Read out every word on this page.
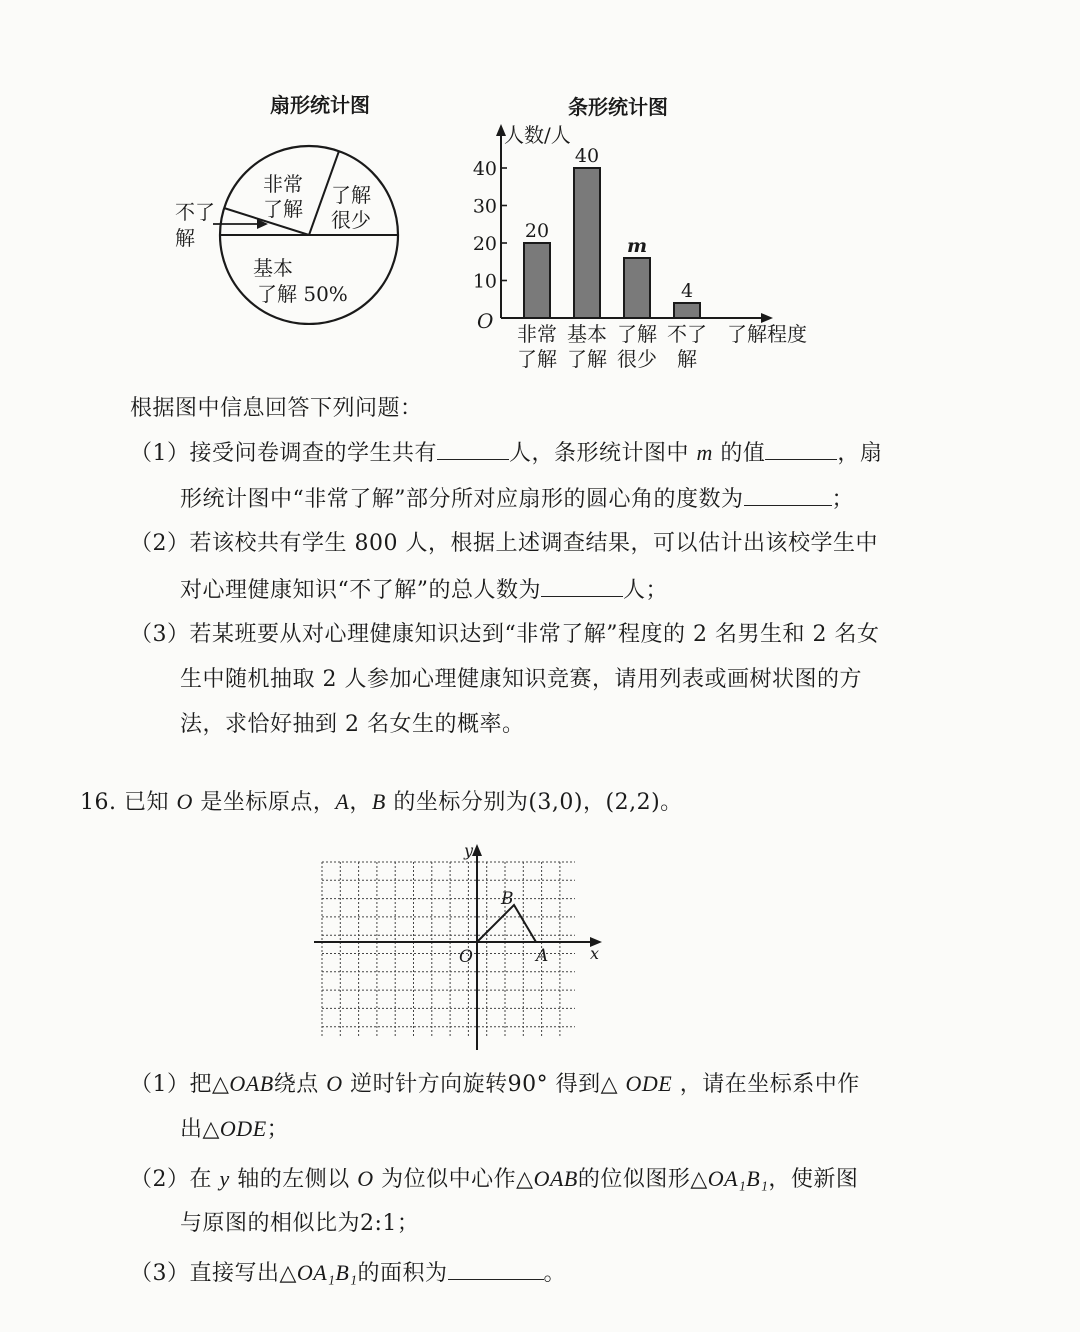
扇形统计图
非常
了解
了解
很少
不了
解
基本
了解 50%
条形统计图
人数/人
O
了解程度
10
20
30
40
20
非常
了解
40
基本
了解
m
了解
很少
4
不了
解
根据图中信息回答下列问题：
（1）接受问卷调查的学生共有	人，条形统计图中 m 的值	，扇
形统计图中“非常了解”部分所对应扇形的圆心角的度数为	；
（2）若该校共有学生 800 人，根据上述调查结果，可以估计出该校学生中
对心理健康知识“不了解”的总人数为	人；
（3）若某班要从对心理健康知识达到“非常了解”程度的 2 名男生和 2 名女
生中随机抽取 2 人参加心理健康知识竞赛，请用列表或画树状图的方
法，求恰好抽到 2 名女生的概率。
16. 已知 O 是坐标原点，A，B 的坐标分别为(3,0)，(2,2)。
x
y
O	A
B
（1）把△OAB绕点 O 逆时针方向旋转90° 得到△ ODE ，请在坐标系中作
出△ODE；
（2）在 y 轴的左侧以 O 为位似中心作△OAB的位似图形△OA₁B₁，使新图
与原图的相似比为2:1；
（3）直接写出△OA₁B₁的面积为	。
